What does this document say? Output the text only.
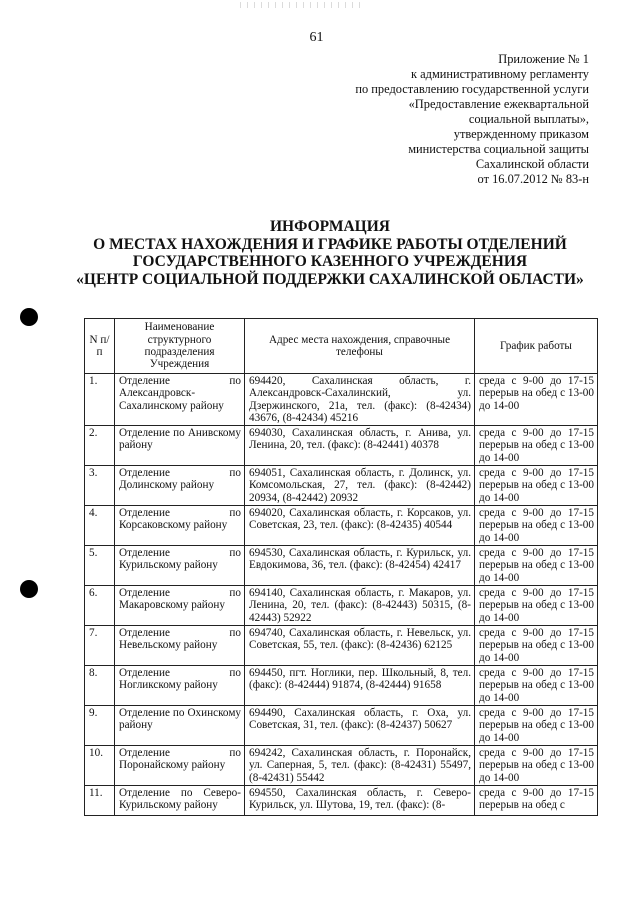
61
Приложение № 1
к административному регламенту
по предоставлению государственной услуги
«Предоставление ежеквартальной
социальной выплаты»,
утвержденному приказом
министерства социальной защиты
Сахалинской области
от 16.07.2012 № 83-н
ИНФОРМАЦИЯ
О МЕСТАХ НАХОЖДЕНИЯ И ГРАФИКЕ РАБОТЫ ОТДЕЛЕНИЙ
ГОСУДАРСТВЕННОГО КАЗЕННОГО УЧРЕЖДЕНИЯ
«ЦЕНТР СОЦИАЛЬНОЙ ПОДДЕРЖКИ САХАЛИНСКОЙ ОБЛАСТИ»
N п/п	Наименование структурного подразделения Учреждения	Адрес места нахождения, справочные телефоны	График работы
1.	Отделение по Александровск-Сахалинскому району	694420, Сахалинская область, г. Александровск-Сахалинский, ул. Дзержинского, 21а, тел. (факс): (8-42434) 43676, (8-42434) 45216	среда с 9-00 до 17-15 перерыв на обед с 13-00 до 14-00
2.	Отделение по Анивскому району	694030, Сахалинская область, г. Анива, ул. Ленина, 20, тел. (факс): (8-42441) 40378	среда с 9-00 до 17-15 перерыв на обед с 13-00 до 14-00
3.	Отделение по Долинскому району	694051, Сахалинская область, г. Долинск, ул. Комсомольская, 27, тел. (факс): (8-42442) 20934, (8-42442) 20932	среда с 9-00 до 17-15 перерыв на обед с 13-00 до 14-00
4.	Отделение по Корсаковскому району	694020, Сахалинская область, г. Корсаков, ул. Советская, 23, тел. (факс): (8-42435) 40544	среда с 9-00 до 17-15 перерыв на обед с 13-00 до 14-00
5.	Отделение по Курильскому району	694530, Сахалинская область, г. Курильск, ул. Евдокимова, 36, тел. (факс): (8-42454) 42417	среда с 9-00 до 17-15 перерыв на обед с 13-00 до 14-00
6.	Отделение по Макаровскому району	694140, Сахалинская область, г. Макаров, ул. Ленина, 20, тел. (факс): (8-42443) 50315, (8-42443) 52922	среда с 9-00 до 17-15 перерыв на обед с 13-00 до 14-00
7.	Отделение по Невельскому району	694740, Сахалинская область, г. Невельск, ул. Советская, 55, тел. (факс): (8-42436) 62125	среда с 9-00 до 17-15 перерыв на обед с 13-00 до 14-00
8.	Отделение по Ногликскому району	694450, пгт. Ноглики, пер. Школьный, 8, тел. (факс): (8-42444) 91874, (8-42444) 91658	среда с 9-00 до 17-15 перерыв на обед с 13-00 до 14-00
9.	Отделение по Охинскому району	694490, Сахалинская область, г. Оха, ул. Советская, 31, тел. (факс): (8-42437) 50627	среда с 9-00 до 17-15 перерыв на обед с 13-00 до 14-00
10.	Отделение по Поронайскому району	694242, Сахалинская область, г. Поронайск, ул. Саперная, 5, тел. (факс): (8-42431) 55497, (8-42431) 55442	среда с 9-00 до 17-15 перерыв на обед с 13-00 до 14-00
11.	Отделение по Северо-Курильскому району	694550, Сахалинская область, г. Северо-Курильск, ул. Шутова, 19, тел. (факс): (8-	среда с 9-00 до 17-15 перерыв на обед с
